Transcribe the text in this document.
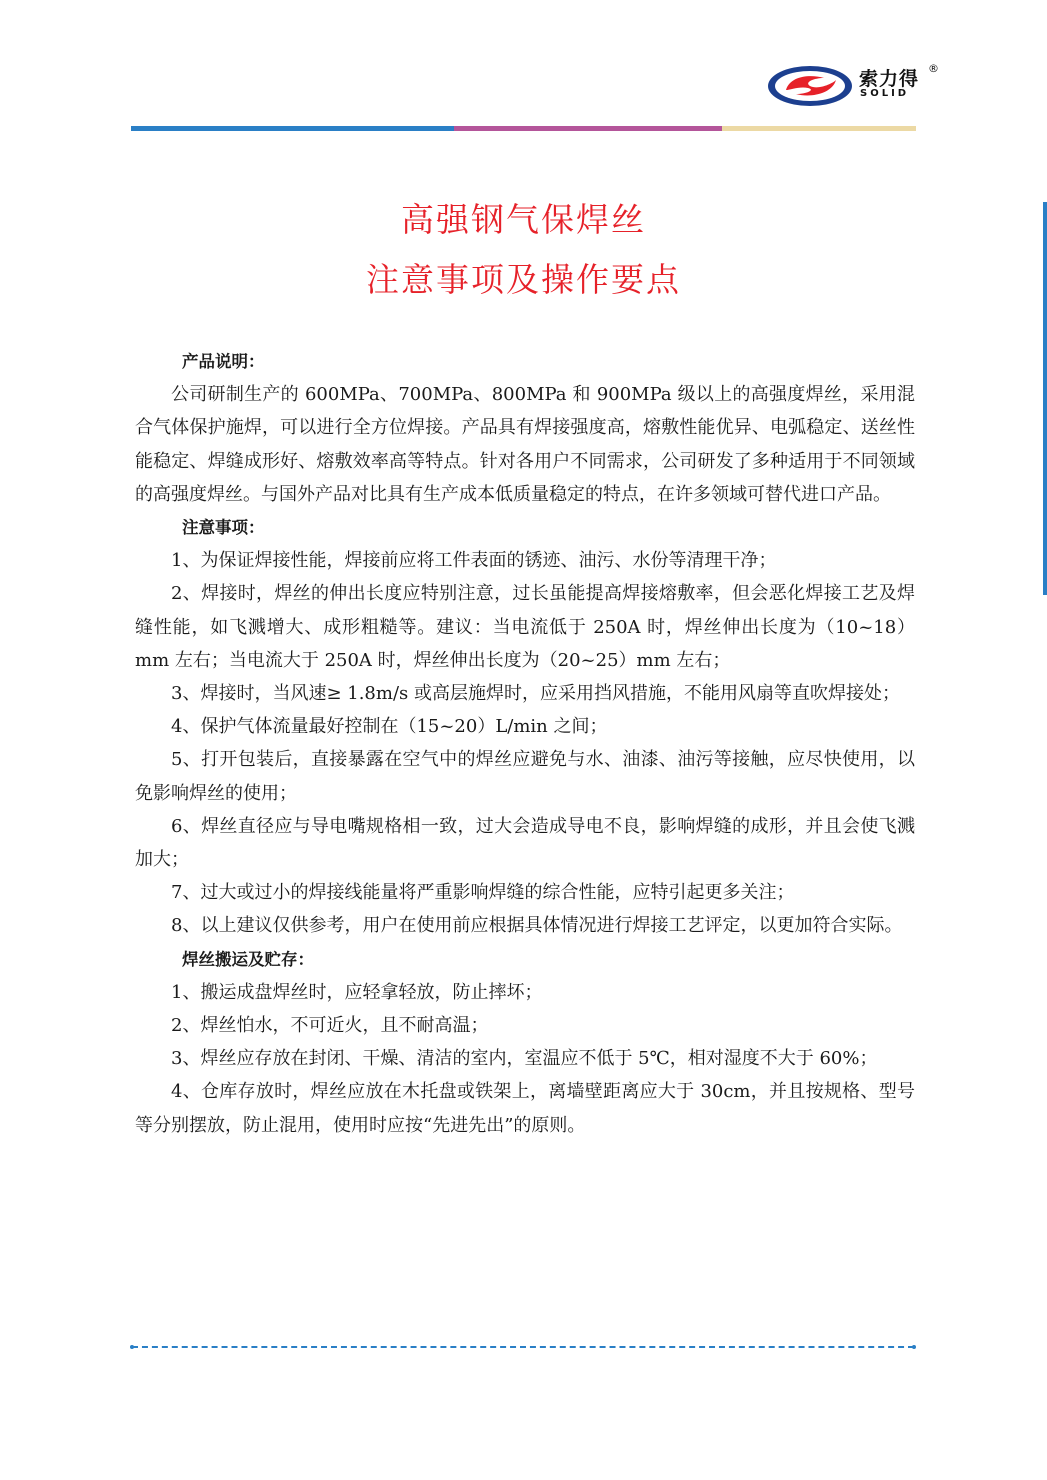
索力得
SOLID
®
高强钢气保焊丝
注意事项及操作要点
产品说明：

公司研制生产的 600MPa、700MPa、800MPa 和 900MPa 级以上的高强度焊丝，采用混合气体保护施焊，可以进行全方位焊接。产品具有焊接强度高，熔敷性能优异、电弧稳定、送丝性能稳定、焊缝成形好、熔敷效率高等特点。针对各用户不同需求，公司研发了多种适用于不同领域的高强度焊丝。与国外产品对比具有生产成本低质量稳定的特点，在许多领域可替代进口产品。

注意事项：

1、为保证焊接性能，焊接前应将工件表面的锈迹、油污、水份等清理干净；

2、焊接时，焊丝的伸出长度应特别注意，过长虽能提高焊接熔敷率，但会恶化焊接工艺及焊缝性能，如飞溅增大、成形粗糙等。建议：当电流低于 250A 时，焊丝伸出长度为（10~18）mm 左右；当电流大于 250A 时，焊丝伸出长度为（20~25）mm 左右；

3、焊接时，当风速≥ 1.8m/s 或高层施焊时，应采用挡风措施，不能用风扇等直吹焊接处；

4、保护气体流量最好控制在（15~20）L/min 之间；

5、打开包装后，直接暴露在空气中的焊丝应避免与水、油漆、油污等接触，应尽快使用，以免影响焊丝的使用；

6、焊丝直径应与导电嘴规格相一致，过大会造成导电不良，影响焊缝的成形，并且会使飞溅加大；

7、过大或过小的焊接线能量将严重影响焊缝的综合性能，应特引起更多关注；

8、以上建议仅供参考，用户在使用前应根据具体情况进行焊接工艺评定，以更加符合实际。

焊丝搬运及贮存：

1、搬运成盘焊丝时，应轻拿轻放，防止摔坏；

2、焊丝怕水，不可近火，且不耐高温；

3、焊丝应存放在封闭、干燥、清洁的室内，室温应不低于 5℃，相对湿度不大于 60%；

4、仓库存放时，焊丝应放在木托盘或铁架上，离墙壁距离应大于 30cm，并且按规格、型号等分别摆放，防止混用，使用时应按“先进先出”的原则。
